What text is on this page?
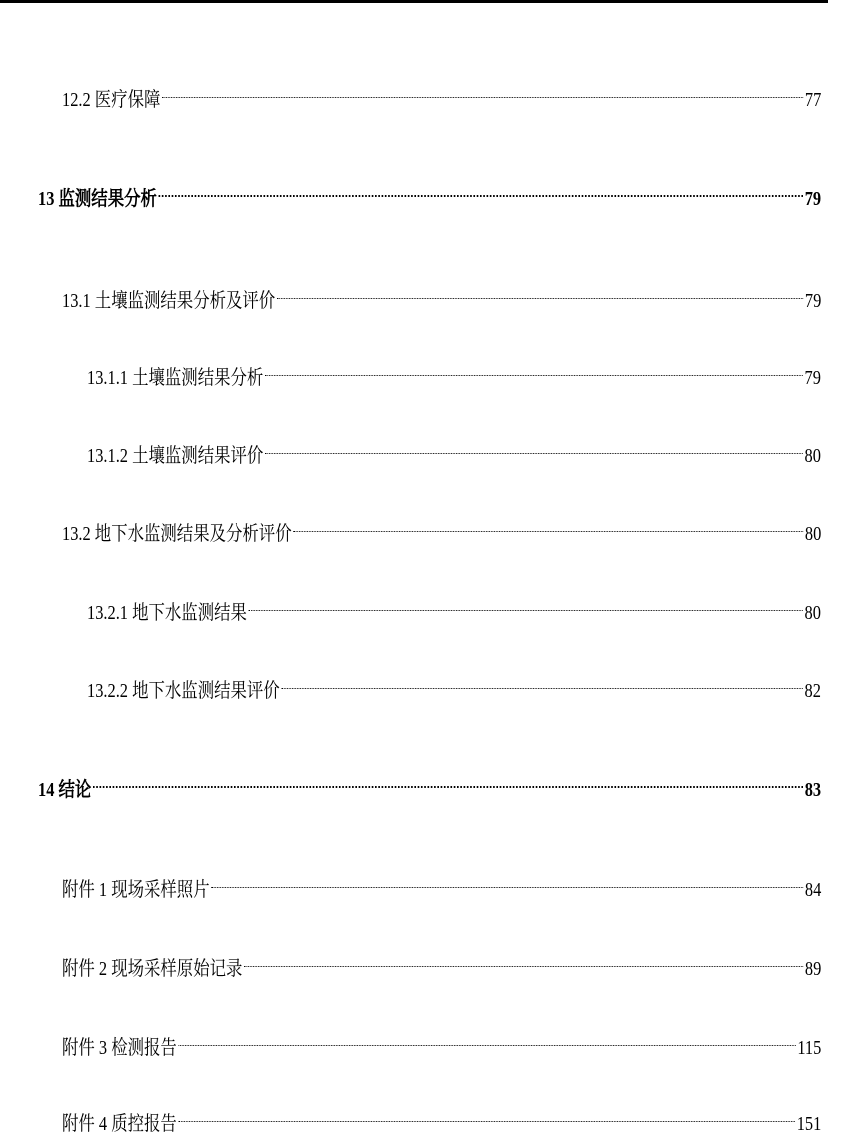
12.2 医疗保障	77
13 监测结果分析	79
13.1 土壤监测结果分析及评价	79
13.1.1 土壤监测结果分析	79
13.1.2 土壤监测结果评价	80
13.2 地下水监测结果及分析评价	80
13.2.1 地下水监测结果	80
13.2.2 地下水监测结果评价	82
14 结论	83
附件 1 现场采样照片	84
附件 2 现场采样原始记录	89
附件 3 检测报告	115
附件 4 质控报告	151
